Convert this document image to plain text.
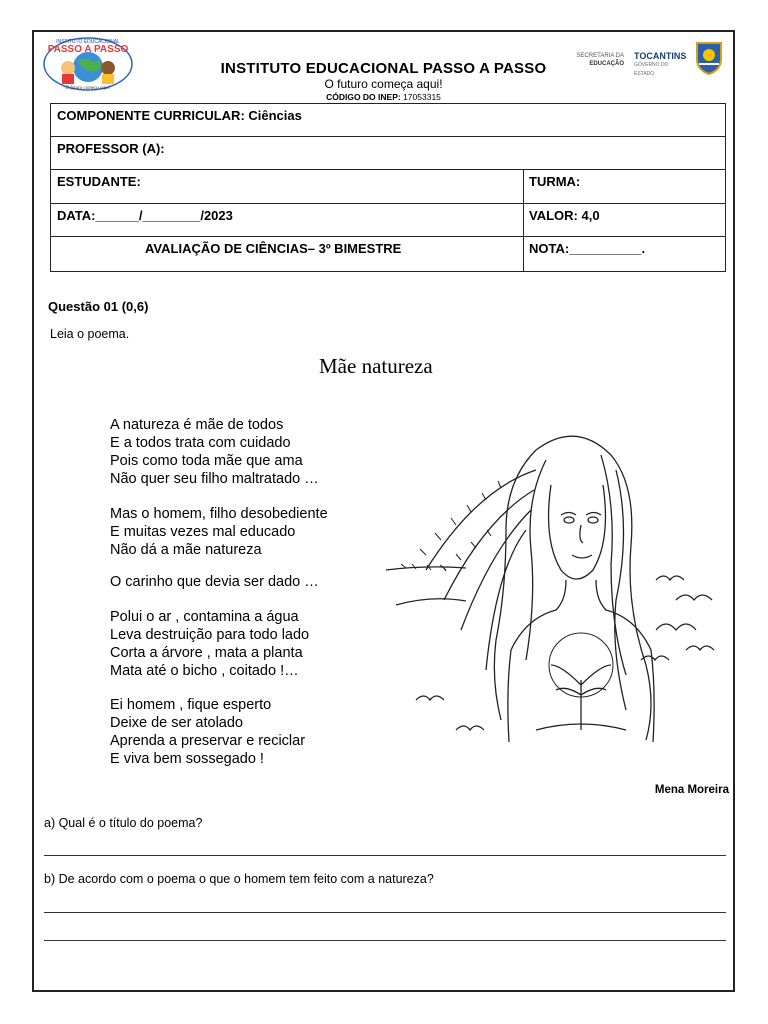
INSTITUTO EDUCACIONAL
PASSO A PASSO
O futuro começa aqui!
INSTITUTO EDUCACIONAL PASSO A PASSO
O futuro começa aqui!
CÓDIGO DO INEP: 17053315
SECRETARIA DA
EDUCAÇÃO
TOCANTINS
GOVERNO DO ESTADO
COMPONENTE CURRICULAR: Ciências
PROFESSOR (A):
ESTUDANTE:	TURMA:
DATA:______/________/2023	VALOR: 4,0
AVALIAÇÃO DE CIÊNCIAS– 3º BIMESTRE	NOTA:__________.
Questão 01 (0,6)
Leia o poema.
Mãe natureza
A natureza é mãe de todos
E a todos trata com cuidado
Pois como toda mãe que ama
Não quer seu filho maltratado …
Mas o homem, filho desobediente
E muitas vezes mal educado
Não dá a mãe natureza
O carinho que devia ser dado …
Polui o ar , contamina a água
Leva destruição para todo lado
Corta a árvore , mata a planta
Mata até o bicho , coitado !…
Ei homem , fique esperto
Deixe de ser atolado
Aprenda a preservar e reciclar
E viva bem sossegado !
Mena Moreira
a) Qual é o título do poema?
b) De acordo com o poema o que o homem tem feito com a natureza?
